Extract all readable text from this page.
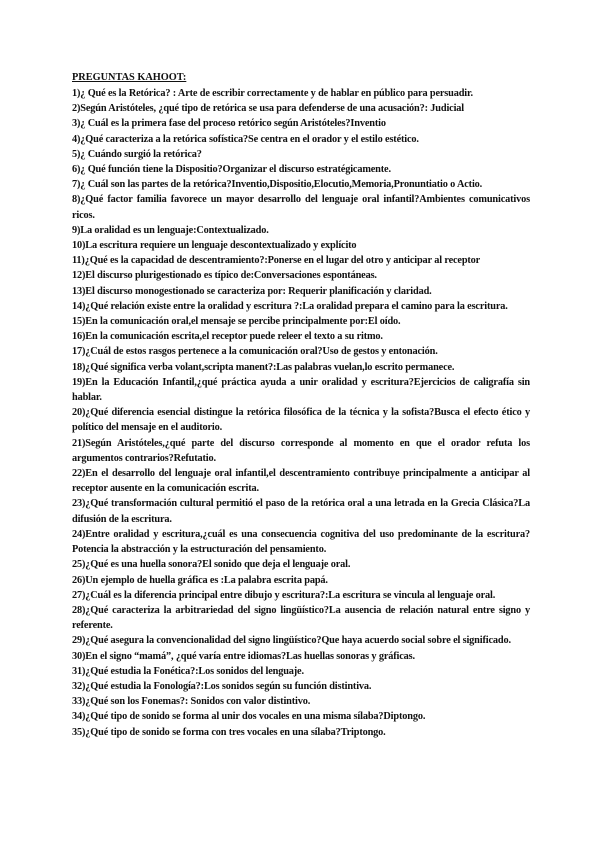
PREGUNTAS KAHOOT:

1)¿ Qué es la Retórica? : Arte de escribir correctamente y de hablar en público para persuadir.

2)Según Aristóteles, ¿qué tipo de retórica se usa para defenderse de una acusación?: Judicial

3)¿ Cuál es la primera fase del proceso retórico según Aristóteles?Inventio

4)¿Qué caracteriza a la retórica sofística?Se centra en el orador y el estilo estético.

5)¿ Cuándo surgió la retórica?

6)¿ Qué función tiene la Dispositio?Organizar el discurso estratégicamente.

7)¿ Cuál son las partes de la retórica?Inventio,Dispositio,Elocutio,Memoria,Pronuntiatio o Actio.

8)¿Qué factor familia favorece un mayor desarrollo del lenguaje oral infantil?Ambientes comunicativos ricos.

9)La oralidad es un lenguaje:Contextualizado.

10)La escritura requiere un lenguaje descontextualizado y explícito

11)¿Qué es la capacidad de descentramiento?:Ponerse en el lugar del otro y anticipar al receptor

12)El discurso plurigestionado es típico de:Conversaciones espontáneas.

13)El discurso monogestionado se caracteriza por: Requerir planificación y claridad.

14)¿Qué relación existe entre la oralidad y escritura ?:La oralidad prepara el camino para la escritura.

15)En la comunicación oral,el mensaje se percibe principalmente por:El oído.

16)En la comunicación escrita,el receptor puede releer el texto a su ritmo.

17)¿Cuál de estos rasgos pertenece a la comunicación oral?Uso de gestos y entonación.

18)¿Qué significa verba volant,scripta manent?:Las palabras vuelan,lo escrito permanece.

19)En la Educación Infantil,¿qué práctica ayuda a unir oralidad y escritura?Ejercicios de caligrafía sin hablar.

20)¿Qué diferencia esencial distingue la retórica filosófica de la técnica y la sofista?Busca el efecto ético y político del mensaje en el auditorio.

21)Según Aristóteles,¿qué parte del discurso corresponde al momento en que el orador refuta los argumentos contrarios?Refutatio.

22)En el desarrollo del lenguaje oral infantil,el descentramiento contribuye principalmente a anticipar al receptor ausente en la comunicación escrita.

23)¿Qué transformación cultural permitió el paso de la retórica oral a una letrada en la Grecia Clásica?La difusión de la escritura.

24)Entre oralidad y escritura,¿cuál es una consecuencia cognitiva del uso predominante de la escritura?Potencia la abstracción y la estructuración del pensamiento.

25)¿Qué es una huella sonora?El sonido que deja el lenguaje oral.

26)Un ejemplo de huella gráfica es :La palabra escrita papá.

27)¿Cuál es la diferencia principal entre dibujo y escritura?:La escritura se vincula al lenguaje oral.

28)¿Qué caracteriza la arbitrariedad del signo lingüístico?La ausencia de relación natural entre signo y referente.

29)¿Qué asegura la convencionalidad del signo lingüístico?Que haya acuerdo social sobre el significado.

30)En el signo “mamá”, ¿qué varía entre idiomas?Las huellas sonoras y gráficas.

31)¿Qué estudia la Fonética?:Los sonidos del lenguaje.

32)¿Qué estudia la Fonología?:Los sonidos según su función distintiva.

33)¿Qué son los Fonemas?: Sonidos con valor distintivo.

34)¿Qué tipo de sonido se forma al unir dos vocales en una misma sílaba?Diptongo.

35)¿Qué tipo de sonido se forma con tres vocales en una sílaba?Triptongo.
